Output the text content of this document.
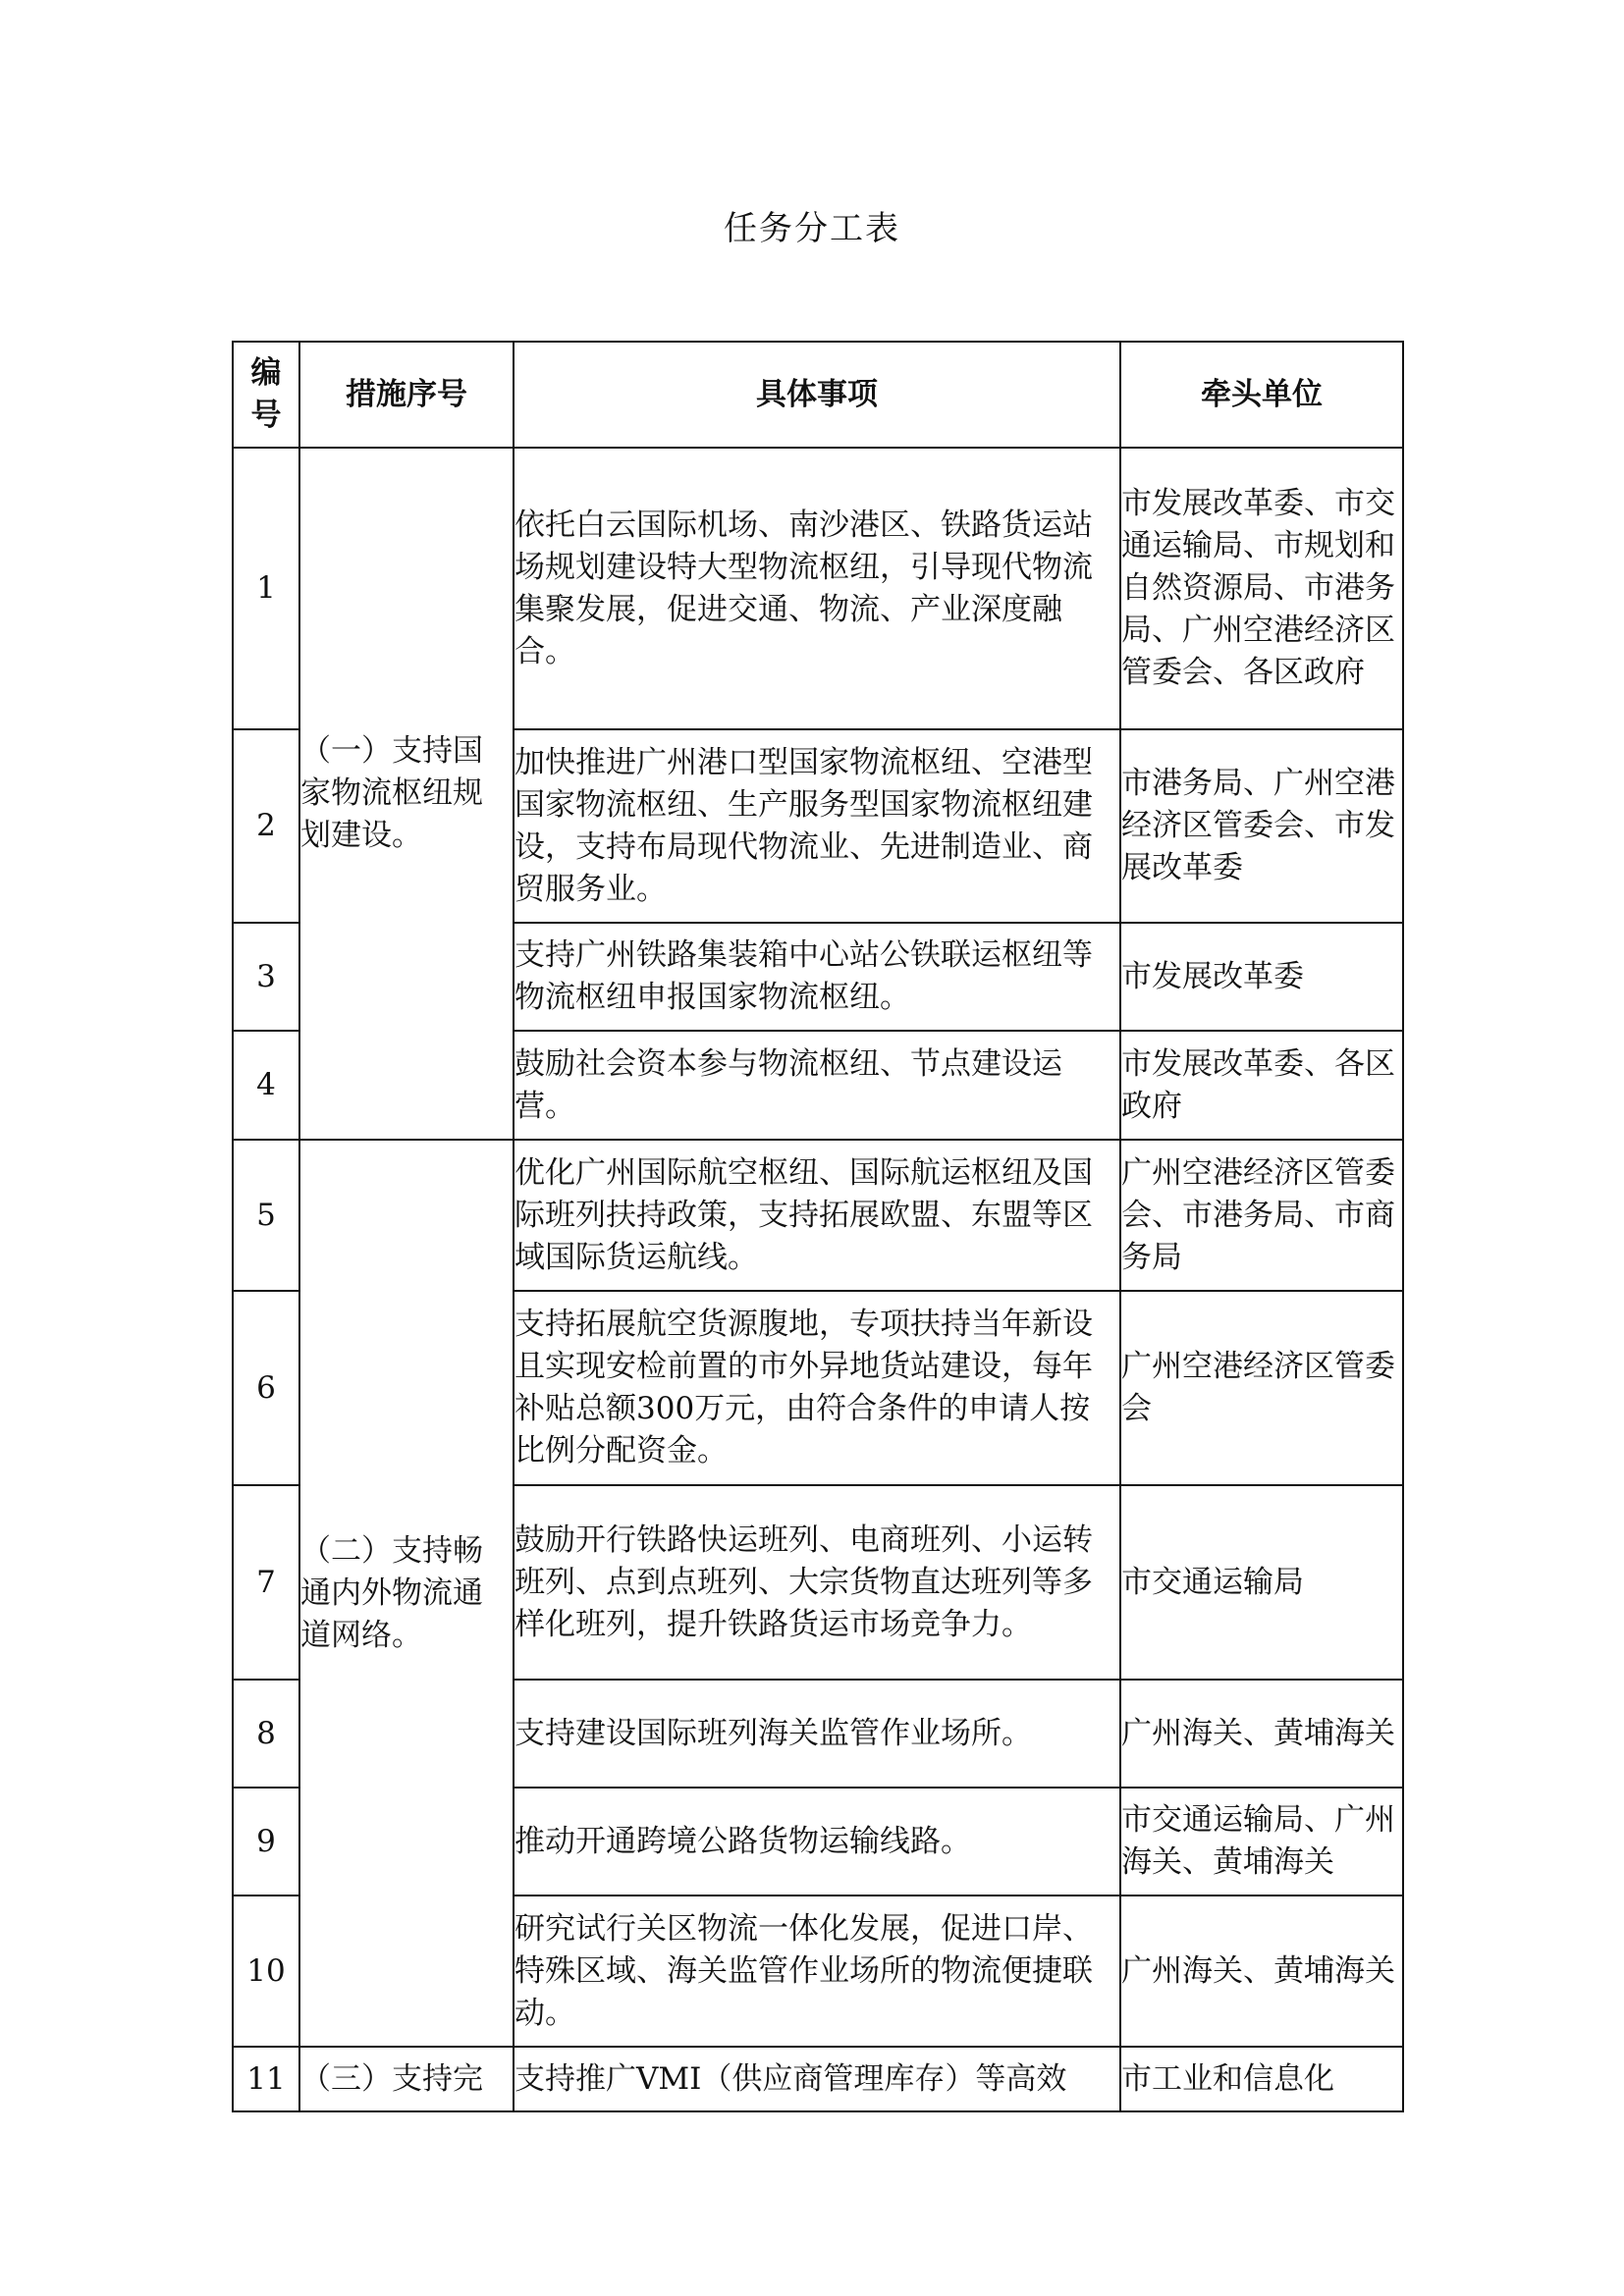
任务分工表
编号	措施序号	具体事项	牵头单位
1	（一）支持国家物流枢纽规划建设。	依托白云国际机场、南沙港区、铁路货运站场规划建设特大型物流枢纽，引导现代物流集聚发展，促进交通、物流、产业深度融合。	市发展改革委、市交通运输局、市规划和自然资源局、市港务局、广州空港经济区管委会、各区政府
2		加快推进广州港口型国家物流枢纽、空港型国家物流枢纽、生产服务型国家物流枢纽建设，支持布局现代物流业、先进制造业、商贸服务业。	市港务局、广州空港经济区管委会、市发展改革委
3		支持广州铁路集装箱中心站公铁联运枢纽等物流枢纽申报国家物流枢纽。	市发展改革委
4		鼓励社会资本参与物流枢纽、节点建设运营。	市发展改革委、各区政府
5	（二）支持畅通内外物流通道网络。	优化广州国际航空枢纽、国际航运枢纽及国际班列扶持政策，支持拓展欧盟、东盟等区域国际货运航线。	广州空港经济区管委会、市港务局、市商务局
6		支持拓展航空货源腹地，专项扶持当年新设且实现安检前置的市外异地货站建设，每年补贴总额300万元，由符合条件的申请人按比例分配资金。	广州空港经济区管委会
7		鼓励开行铁路快运班列、电商班列、小运转班列、点到点班列、大宗货物直达班列等多样化班列，提升铁路货运市场竞争力。	市交通运输局
8		支持建设国际班列海关监管作业场所。	广州海关、黄埔海关
9		推动开通跨境公路货物运输线路。	市交通运输局、广州海关、黄埔海关
10		研究试行关区物流一体化发展，促进口岸、特殊区域、海关监管作业场所的物流便捷联动。	广州海关、黄埔海关
11	（三）支持完	支持推广VMI（供应商管理库存）等高效	市工业和信息化
